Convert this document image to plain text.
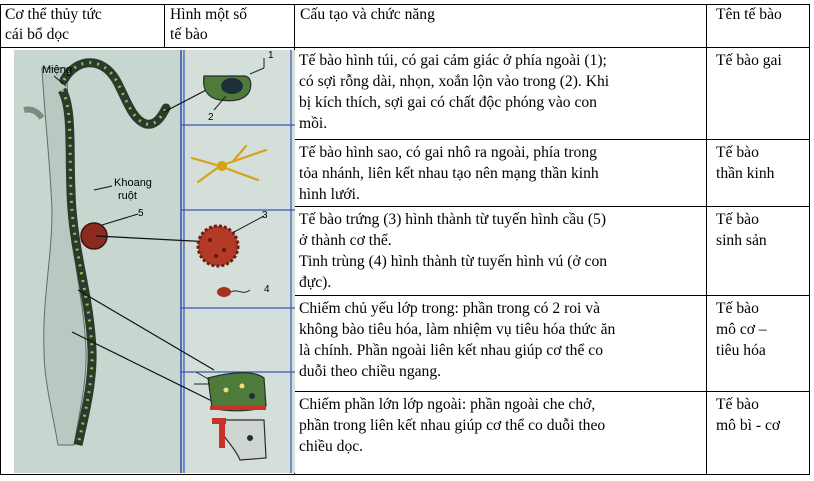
Cơ thể thủy tức
cái bổ dọc
Hình một số
tế bào
Cấu tạo và chức năng	Tên tế bào
Miệng
Khoang
ruột
1
2
3
4
5
Tế bào hình túi, có gai cảm giác ở phía ngoài (1);
có sợi rỗng dài, nhọn, xoắn lộn vào trong (2). Khi
bị kích thích, sợi gai có chất độc phóng vào con
mồi.
Tế bào gai
Tế bào hình sao, có gai nhô ra ngoài, phía trong
tỏa nhánh, liên kết nhau tạo nên mạng thần kinh
hình lưới.
Tế bào
thần kinh
Tế bào trứng (3) hình thành từ tuyến hình cầu (5)
ở thành cơ thể.
Tinh trùng (4) hình thành từ tuyến hình vú (ở con
đực).
Tế bào
sinh sản
Chiếm chủ yếu lớp trong: phần trong có 2 roi và
không bào tiêu hóa, làm nhiệm vụ tiêu hóa thức ăn
là chính. Phần ngoài liên kết nhau giúp cơ thể co
duỗi theo chiều ngang.
Tế bào
mô cơ –
tiêu hóa
Chiếm phần lớn lớp ngoài: phần ngoài che chở,
phần trong liên kết nhau giúp cơ thể co duỗi theo
chiều dọc.
Tế bào
mô bì - cơ
